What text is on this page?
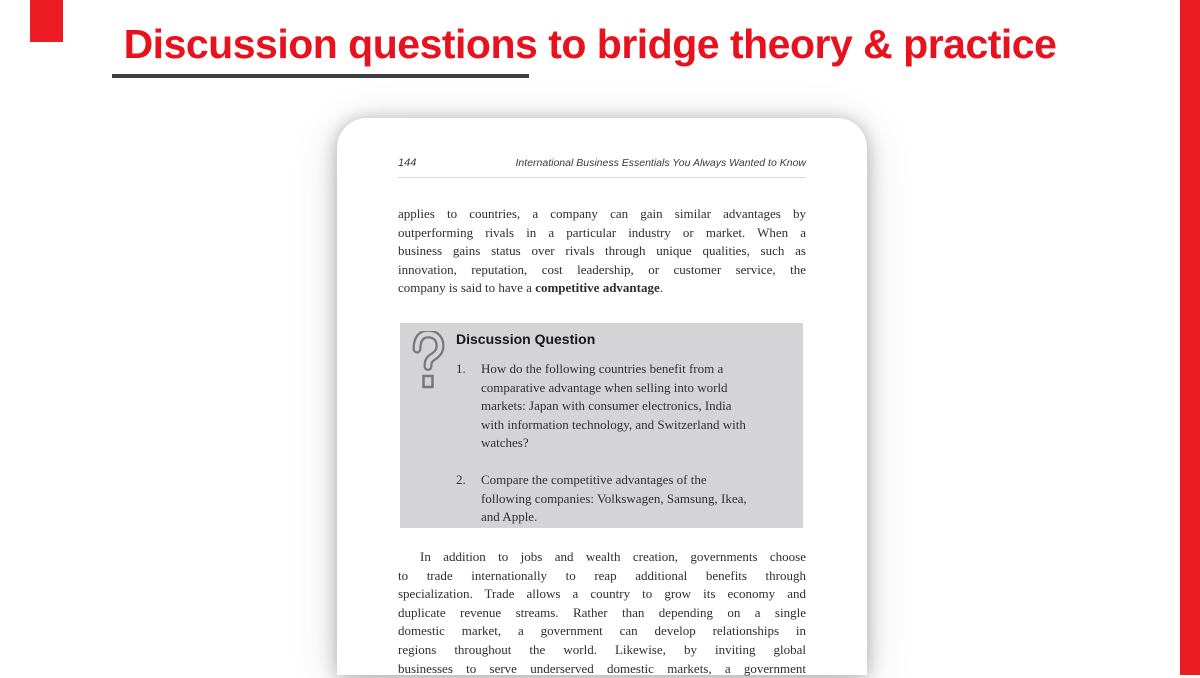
Discussion questions to bridge theory & practice
144	International Business Essentials You Always Wanted to Know
applies to countries, a company can gain similar advantages by
outperforming rivals in a particular industry or market. When a
business gains status over rivals through unique qualities, such as
innovation, reputation, cost leadership, or customer service, the
company is said to have a competitive advantage.
Discussion Question
1.	How do the following countries benefit from a
comparative advantage when selling into world
markets: Japan with consumer electronics, India
with information technology, and Switzerland with
watches?
2.	Compare the competitive advantages of the
following companies: Volkswagen, Samsung, Ikea,
and Apple.
In addition to jobs and wealth creation, governments choose
to trade internationally to reap additional benefits through
specialization. Trade allows a country to grow its economy and
duplicate revenue streams. Rather than depending on a single
domestic market, a government can develop relationships in
regions throughout the world. Likewise, by inviting global
businesses to serve underserved domestic markets, a government
